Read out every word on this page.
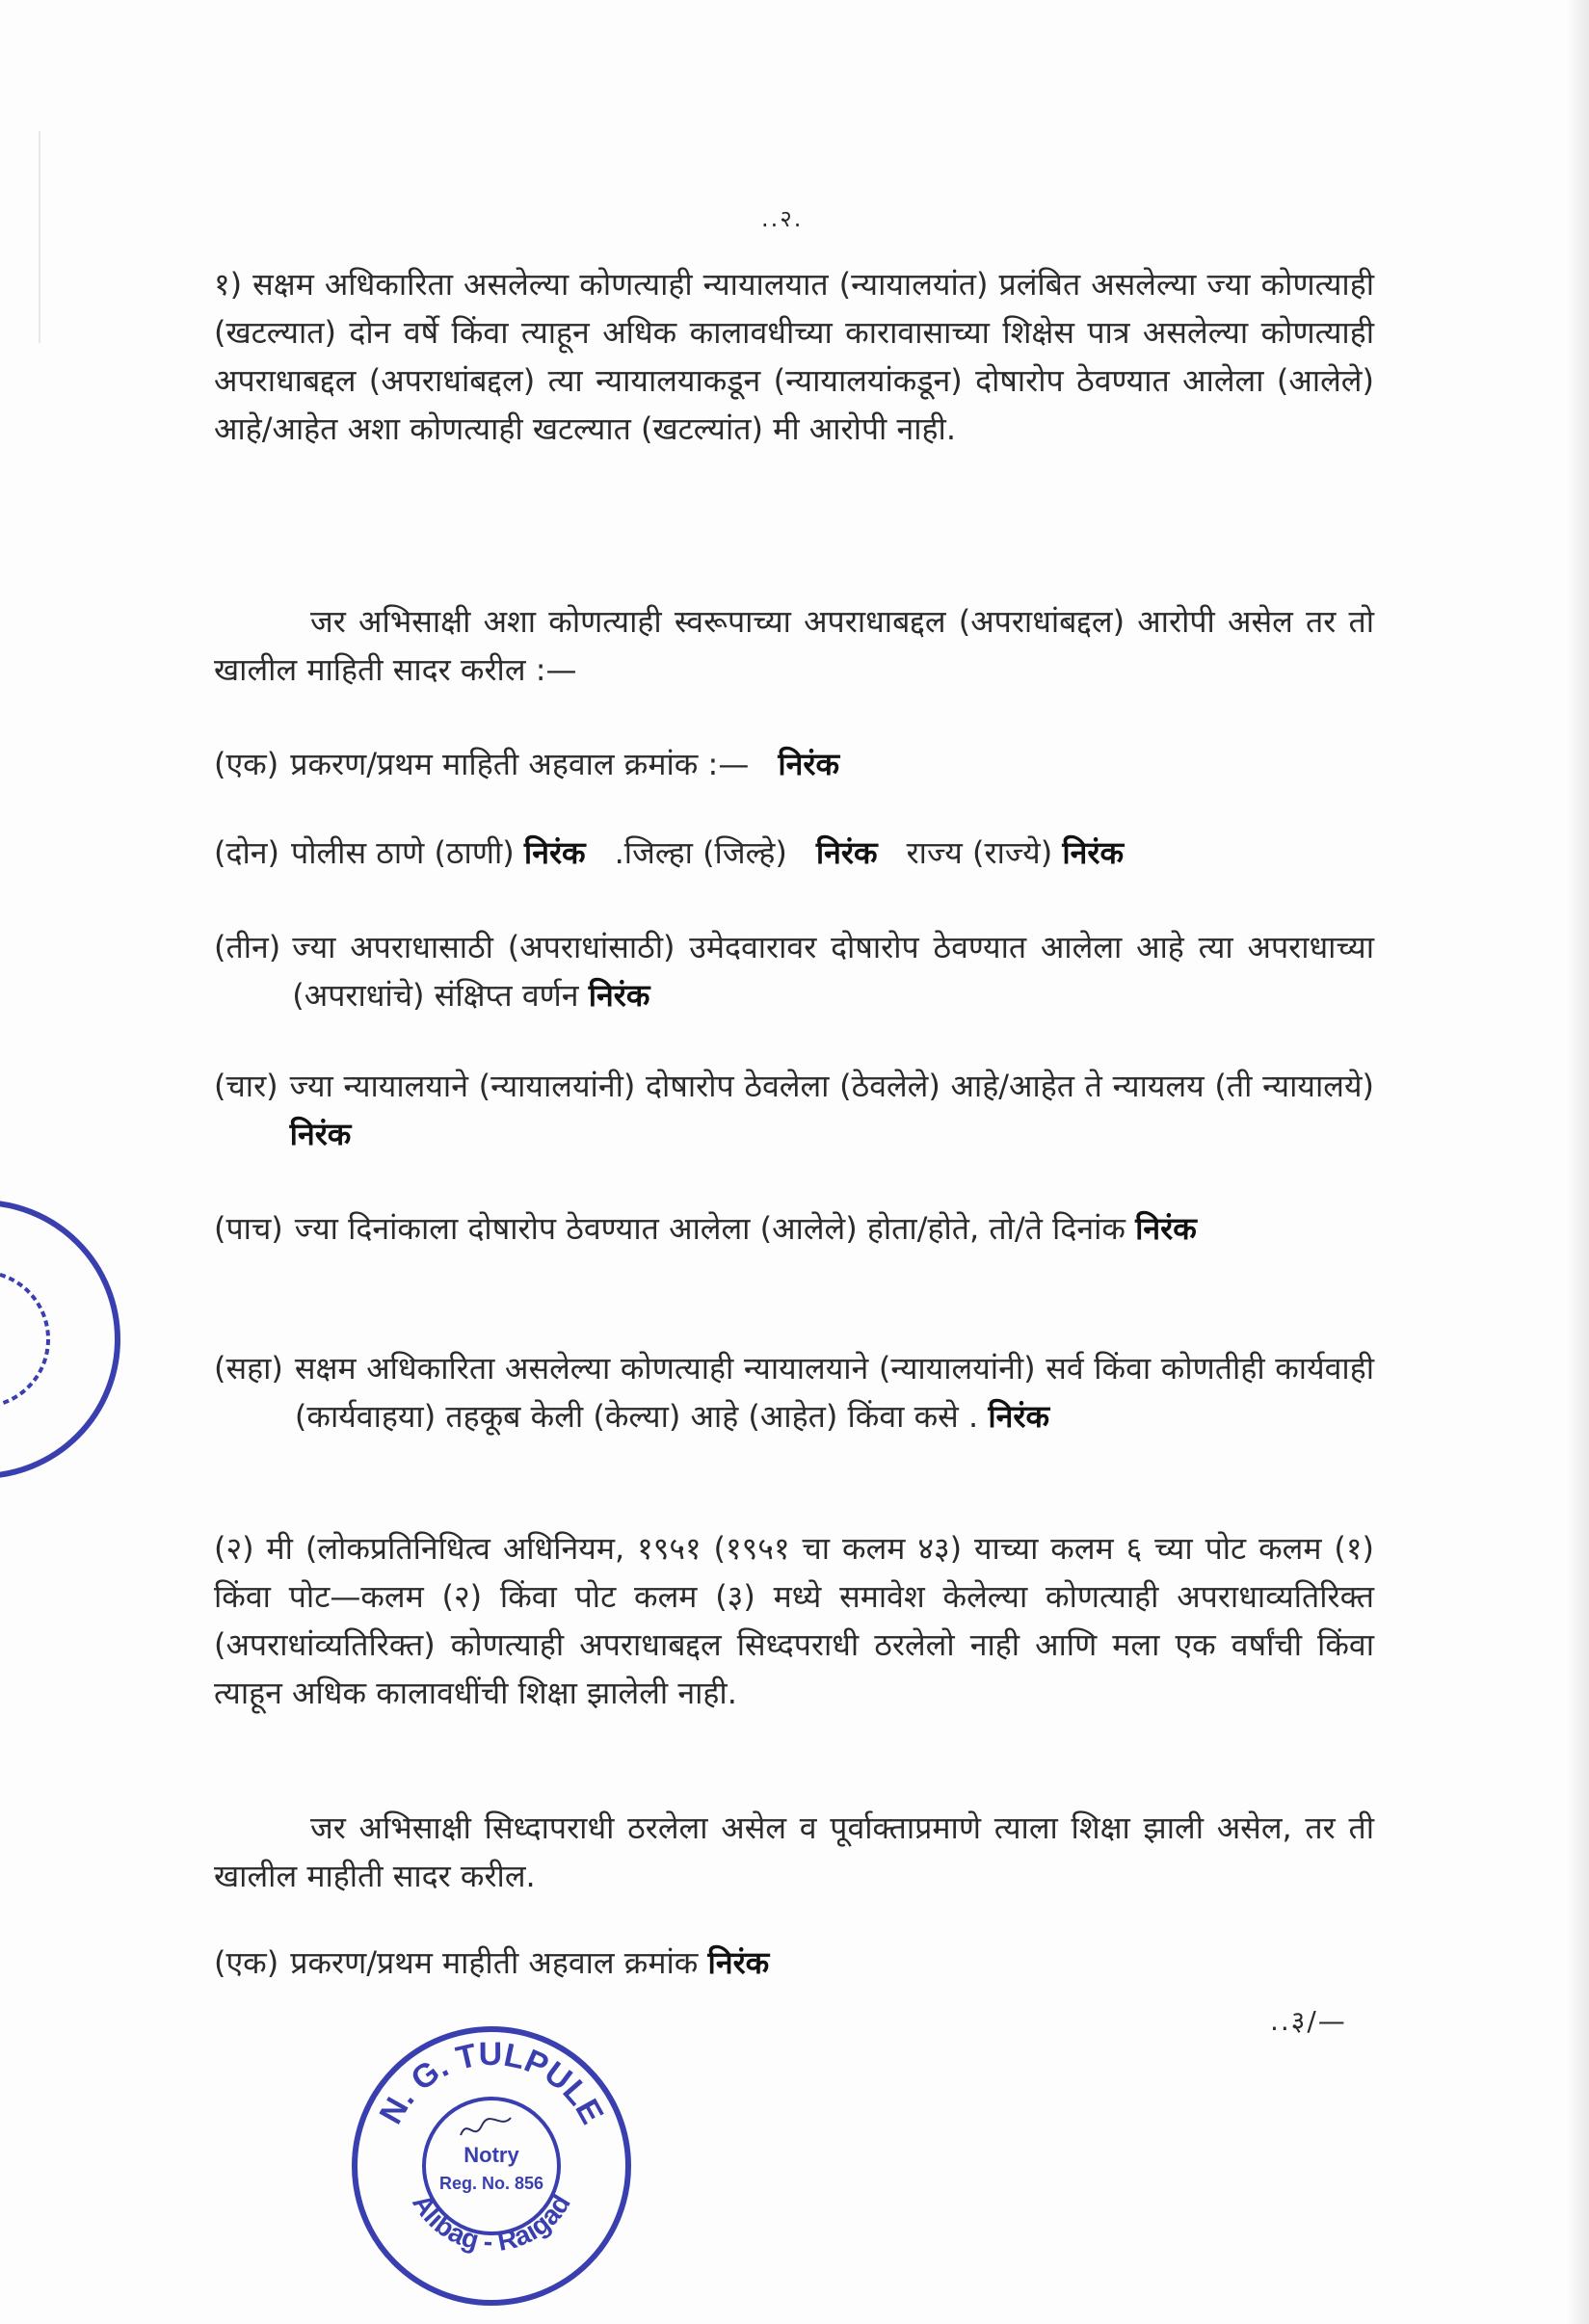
..२.

१) सक्षम अधिकारिता असलेल्या कोणत्याही न्यायालयात (न्यायालयांत) प्रलंबित असलेल्या ज्या कोणत्याही (खटल्यात) दोन वर्षे किंवा त्याहून अधिक कालावधीच्या कारावासाच्या शिक्षेस पात्र असलेल्या कोणत्याही अपराधाबद्दल (अपराधांबद्दल) त्या न्यायालयाकडून (न्यायालयांकडून) दोषारोप ठेवण्यात आलेला (आलेले) आहे/आहेत अशा कोणत्याही खटल्यात (खटल्यांत) मी आरोपी नाही.

जर अभिसाक्षी अशा कोणत्याही स्वरूपाच्या अपराधाबद्दल (अपराधांबद्दल) आरोपी असेल तर तो खालील माहिती सादर करील :—

(एक) प्रकरण/प्रथम माहिती अहवाल क्रमांक :— निरंक
(दोन) पोलीस ठाणे (ठाणी) निरंक .जिल्हा (जिल्हे) निरंक राज्य (राज्ये) निरंक
(तीन) ज्या अपराधासाठी (अपराधांसाठी) उमेदवारावर दोषारोप ठेवण्यात आलेला आहे त्या अपराधाच्या (अपराधांचे) संक्षिप्त वर्णन निरंक
(चार) ज्या न्यायालयाने (न्यायालयांनी) दोषारोप ठेवलेला (ठेवलेले) आहे/आहेत ते न्यायलय (ती न्यायालये) निरंक
(पाच) ज्या दिनांकाला दोषारोप ठेवण्यात आलेला (आलेले) होता/होते, तो/ते दिनांक निरंक
(सहा) सक्षम अधिकारिता असलेल्या कोणत्याही न्यायालयाने (न्यायालयांनी) सर्व किंवा कोणतीही कार्यवाही (कार्यवाहया) तहकूब केली (केल्या) आहे (आहेत) किंवा कसे . निरंक

(२) मी (लोकप्रतिनिधित्व अधिनियम, १९५१ (१९५१ चा कलम ४३) याच्या कलम ६ च्या पोट कलम (१) किंवा पोट—कलम (२) किंवा पोट कलम (३) मध्ये समावेश केलेल्या कोणत्याही अपराधाव्यतिरिक्त (अपराधांव्यतिरिक्त) कोणत्याही अपराधाबद्दल सिध्दपराधी ठरलेलो नाही आणि मला एक वर्षांची किंवा त्याहून अधिक कालावधींची शिक्षा झालेली नाही.

जर अभिसाक्षी सिध्दापराधी ठरलेला असेल व पूर्वाक्ताप्रमाणे त्याला शिक्षा झाली असेल, तर ती खालील माहीती सादर करील.

(एक) प्रकरण/प्रथम माहीती अहवाल क्रमांक निरंक
..३/—
N. G. TULPULE
Alibag - Raigad
Notry
Reg. No. 856
